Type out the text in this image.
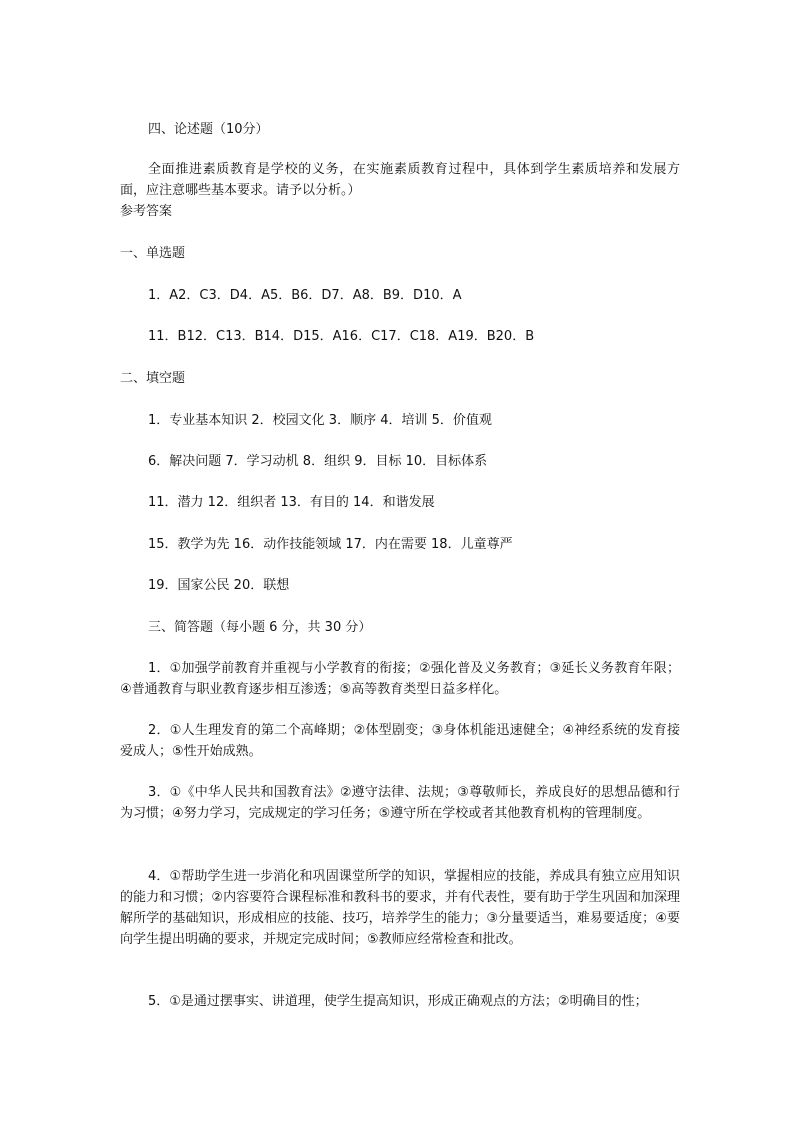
四、论述题（10分）
全面推进素质教育是学校的义务，在实施素质教育过程中，具体到学生素质培养和发展方面，应注意哪些基本要求。请予以分析。）
参考答案
一、单选题
1．A2．C3．D4．A5．B6．D7．A8．B9．D10．A
11．B12．C13．B14．D15．A16．C17．C18．A19．B20．B
二、填空题
1．专业基本知识 2．校园文化 3．顺序 4．培训 5．价值观
6．解决问题 7．学习动机 8．组织 9．目标 10．目标体系
11．潜力 12．组织者 13．有目的 14．和谐发展
15．教学为先 16．动作技能领域 17．内在需要 18．儿童尊严
19．国家公民 20．联想
三、简答题（每小题 6 分，共 30 分）
1．①加强学前教育并重视与小学教育的衔接；②强化普及义务教育；③延长义务教育年限；④普通教育与职业教育逐步相互渗透；⑤高等教育类型日益多样化。
2．①人生理发育的第二个高峰期；②体型剧变；③身体机能迅速健全；④神经系统的发育接爱成人；⑤性开始成熟。
3．①《中华人民共和国教育法》②遵守法律、法规；③尊敬师长，养成良好的思想品德和行为习惯；④努力学习，完成规定的学习任务；⑤遵守所在学校或者其他教育机构的管理制度。
4．①帮助学生进一步消化和巩固课堂所学的知识，掌握相应的技能，养成具有独立应用知识的能力和习惯；②内容要符合课程标准和教科书的要求，并有代表性，要有助于学生巩固和加深理解所学的基础知识，形成相应的技能、技巧，培养学生的能力；③分量要适当，难易要适度；④要向学生提出明确的要求，并规定完成时间；⑤教师应经常检查和批改。
5．①是通过摆事实、讲道理，使学生提高知识，形成正确观点的方法；②明确目的性；
